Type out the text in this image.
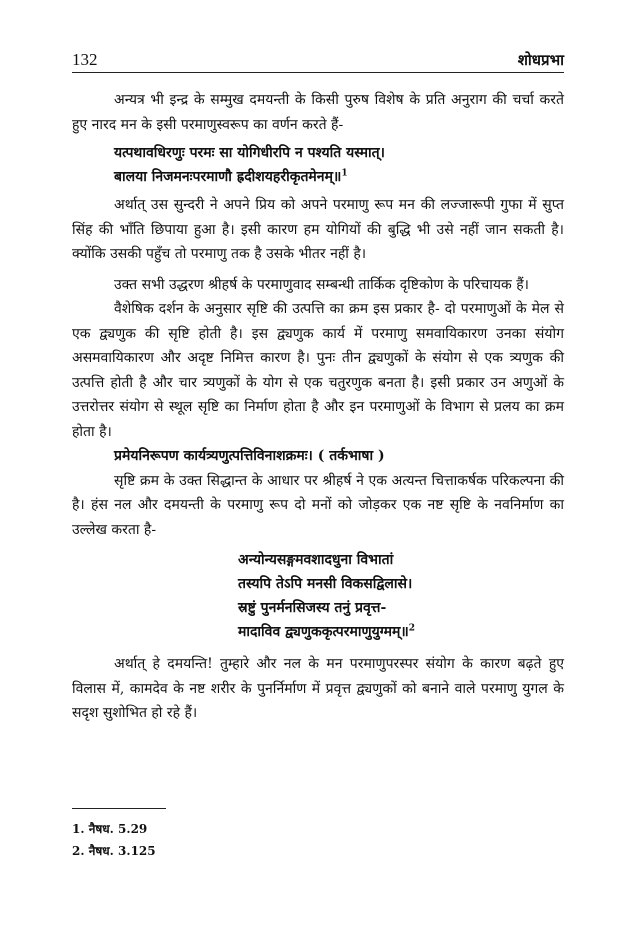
132	शोधप्रभा

अन्यत्र भी इन्द्र के सम्मुख दमयन्ती के किसी पुरुष विशेष के प्रति अनुराग की चर्चा करते हुए नारद मन के इसी परमाणुस्वरूप का वर्णन करते हैं-

यत्पथावधिरणुः परमः सा योगिधीरपि न पश्यति यस्मात्।
बालया निजमनःपरमाणौ ह्रदीशयहरीकृतमेनम्॥$^1$

अर्थात् उस सुन्दरी ने अपने प्रिय को अपने परमाणु रूप मन की लज्जारूपी गुफा में सुप्त सिंह की भाँति छिपाया हुआ है। इसी कारण हम योगियों की बुद्धि भी उसे नहीं जान सकती है। क्योंकि उसकी पहुँच तो परमाणु तक है उसके भीतर नहीं है।

उक्त सभी उद्धरण श्रीहर्ष के परमाणुवाद सम्बन्धी तार्किक दृष्टिकोण के परिचायक हैं।

वैशेषिक दर्शन के अनुसार सृष्टि की उत्पत्ति का क्रम इस प्रकार है- दो परमाणुओं के मेल से एक द्व्यणुक की सृष्टि होती है। इस द्व्यणुक कार्य में परमाणु समवायिकारण उनका संयोग असमवायिकारण और अदृष्ट निमित्त कारण है। पुनः तीन द्व्यणुकों के संयोग से एक त्र्यणुक की उत्पत्ति होती है और चार त्र्यणुकों के योग से एक चतुरणुक बनता है। इसी प्रकार उन अणुओं के उत्तरोत्तर संयोग से स्थूल सृष्टि का निर्माण होता है और इन परमाणुओं के विभाग से प्रलय का क्रम होता है।

प्रमेयनिरूपण कार्यत्र्यणुत्पत्तिविनाशक्रमः। ( तर्कभाषा )

सृष्टि क्रम के उक्त सिद्धान्त के आधार पर श्रीहर्ष ने एक अत्यन्त चित्ताकर्षक परिकल्पना की है। हंस नल और दमयन्ती के परमाणु रूप दो मनों को जोड़कर एक नष्ट सृष्टि के नवनिर्माण का उल्लेख करता है-

अन्योन्यसङ्गमवशादधुना विभातां
तस्यपि तेऽपि मनसी विकसद्विलासे।
स्रष्टुं पुनर्मनसिजस्य तनुं प्रवृत्त-
मादाविव द्व्यणुककृत्परमाणुयुग्मम्॥$^2$

अर्थात् हे दमयन्ति! तुम्हारे और नल के मन परमाणुपरस्पर संयोग के कारण बढ़ते हुए विलास में, कामदेव के नष्ट शरीर के पुनर्निर्माण में प्रवृत्त द्व्यणुकों को बनाने वाले परमाणु युगल के सदृश सुशोभित हो रहे हैं।

1. नैषध. 5.29
2. नैषध. 3.125
